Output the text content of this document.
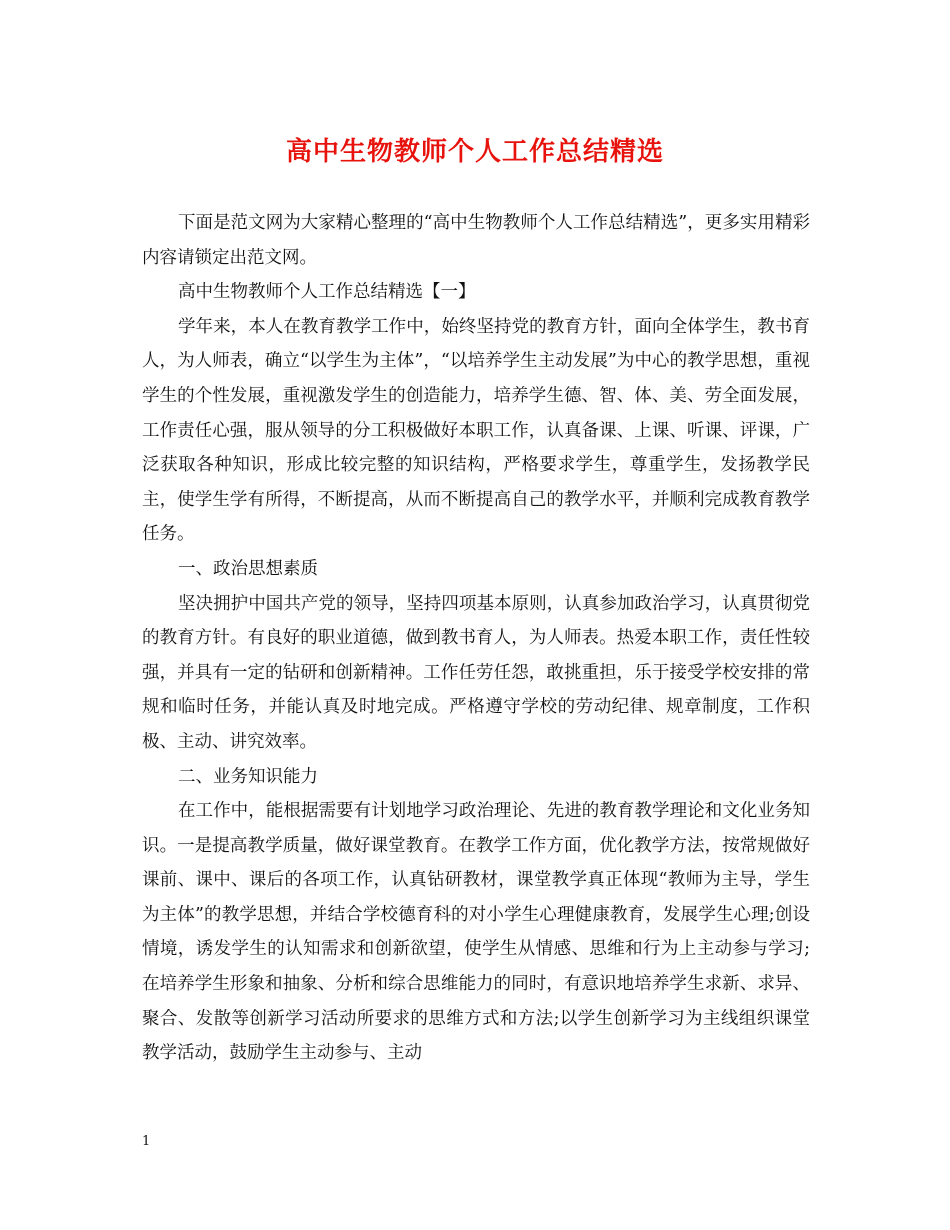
高中生物教师个人工作总结精选

下面是范文网为大家精心整理的“高中生物教师个人工作总结精选”，更多实用精彩内容请锁定出范文网。

高中生物教师个人工作总结精选【一】

学年来，本人在教育教学工作中，始终坚持党的教育方针，面向全体学生，教书育人，为人师表，确立“以学生为主体”，“以培养学生主动发展”为中心的教学思想，重视学生的个性发展，重视激发学生的创造能力，培养学生德、智、体、美、劳全面发展，工作责任心强，服从领导的分工积极做好本职工作，认真备课、上课、听课、评课，广泛获取各种知识，形成比较完整的知识结构，严格要求学生，尊重学生，发扬教学民主，使学生学有所得，不断提高，从而不断提高自己的教学水平，并顺利完成教育教学任务。

一、政治思想素质

坚决拥护中国共产党的领导，坚持四项基本原则，认真参加政治学习，认真贯彻党的教育方针。有良好的职业道德，做到教书育人，为人师表。热爱本职工作，责任性较强，并具有一定的钻研和创新精神。工作任劳任怨，敢挑重担，乐于接受学校安排的常规和临时任务，并能认真及时地完成。严格遵守学校的劳动纪律、规章制度，工作积极、主动、讲究效率。

二、业务知识能力

在工作中，能根据需要有计划地学习政治理论、先进的教育教学理论和文化业务知识。一是提高教学质量，做好课堂教育。在教学工作方面，优化教学方法，按常规做好课前、课中、课后的各项工作，认真钻研教材，课堂教学真正体现“教师为主导，学生为主体”的教学思想，并结合学校德育科的对小学生心理健康教育，发展学生心理;创设情境，诱发学生的认知需求和创新欲望，使学生从情感、思维和行为上主动参与学习;在培养学生形象和抽象、分析和综合思维能力的同时，有意识地培养学生求新、求异、聚合、发散等创新学习活动所要求的思维方式和方法;以学生创新学习为主线组织课堂教学活动，鼓励学生主动参与、主动

1
